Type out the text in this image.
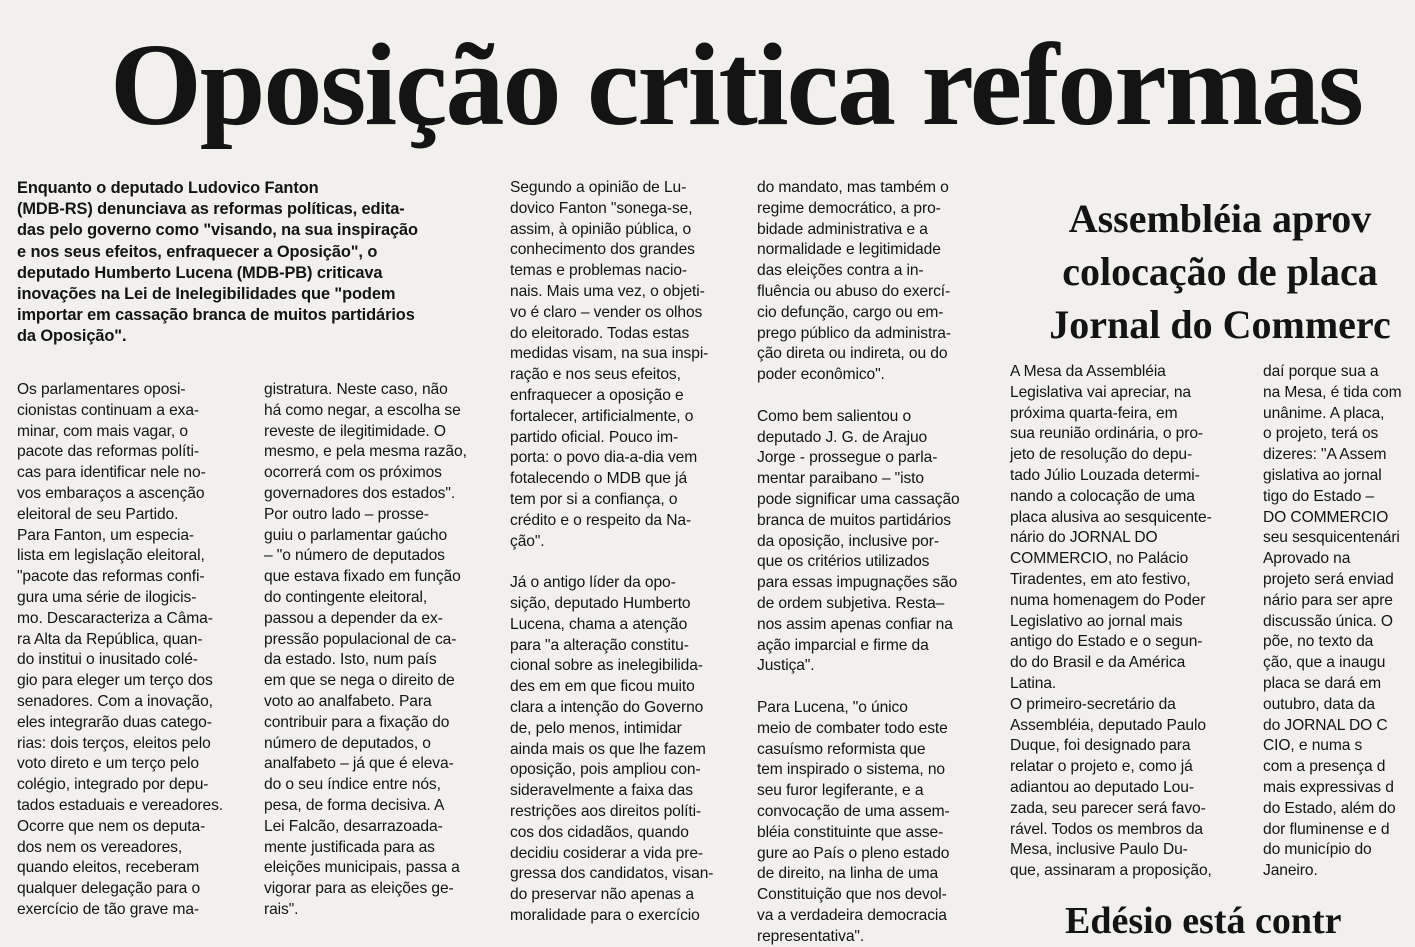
Oposição critica reformas

Enquanto o deputado Ludovico Fanton
(MDB-RS) denunciava as reformas políticas, edita-
das pelo governo como "visando, na sua inspiração
e nos seus efeitos, enfraquecer a Oposição", o
deputado Humberto Lucena (MDB-PB) criticava
inovações na Lei de Inelegibilidades que "podem
importar em cassação branca de muitos partidários
da Oposição".

Os parlamentares oposi-
cionistas continuam a exa-
minar, com mais vagar, o
pacote das reformas políti-
cas para identificar nele no-
vos embaraços a ascenção
eleitoral de seu Partido.
Para Fanton, um especia-
lista em legislação eleitoral,
"pacote das reformas confi-
gura uma série de ilogicis-
mo. Descaracteriza a Câma-
ra Alta da República, quan-
do institui o inusitado colé-
gio para eleger um terço dos
senadores. Com a inovação,
eles integrarão duas catego-
rias: dois terços, eleitos pelo
voto direto e um terço pelo
colégio, integrado por depu-
tados estaduais e vereadores.
Ocorre que nem os deputa-
dos nem os vereadores,
quando eleitos, receberam
qualquer delegação para o
exercício de tão grave ma-

gistratura. Neste caso, não
há como negar, a escolha se
reveste de ilegitimidade. O
mesmo, e pela mesma razão,
ocorrerá com os próximos
governadores dos estados".
Por outro lado – prosse-
guiu o parlamentar gaúcho
– "o número de deputados
que estava fixado em função
do contingente eleitoral,
passou a depender da ex-
pressão populacional de ca-
da estado. Isto, num país
em que se nega o direito de
voto ao analfabeto. Para
contribuir para a fixação do
número de deputados, o
analfabeto – já que é eleva-
do o seu índice entre nós,
pesa, de forma decisiva. A
Lei Falcão, desarrazoada-
mente justificada para as
eleições municipais, passa a
vigorar para as eleições ge-
rais".

Segundo a opinião de Lu-
dovico Fanton "sonega-se,
assim, à opinião pública, o
conhecimento dos grandes
temas e problemas nacio-
nais. Mais uma vez, o objeti-
vo é claro – vender os olhos
do eleitorado. Todas estas
medidas visam, na sua inspi-
ração e nos seus efeitos,
enfraquecer a oposição e
fortalecer, artificialmente, o
partido oficial. Pouco im-
porta: o povo dia-a-dia vem
fotalecendo o MDB que já
tem por si a confiança, o
crédito e o respeito da Na-
ção".

Já o antigo líder da opo-
sição, deputado Humberto
Lucena, chama a atenção
para "a alteração constitu-
cional sobre as inelegibilida-
des em em que ficou muito
clara a intenção do Governo
de, pelo menos, intimidar
ainda mais os que lhe fazem
oposição, pois ampliou con-
sideravelmente a faixa das
restrições aos direitos políti-
cos dos cidadãos, quando
decidiu cosiderar a vida pre-
gressa dos candidatos, visan-
do preservar não apenas a
moralidade para o exercício

do mandato, mas também o
regime democrático, a pro-
bidade administrativa e a
normalidade e legitimidade
das eleições contra a in-
fluência ou abuso do exercí-
cio defunção, cargo ou em-
prego público da administra-
ção direta ou indireta, ou do
poder econômico".

Como bem salientou o
deputado J. G. de Arajuo
Jorge - prossegue o parla-
mentar paraibano – "isto
pode significar uma cassação
branca de muitos partidários
da oposição, inclusive por-
que os critérios utilizados
para essas impugnações são
de ordem subjetiva. Resta–
nos assim apenas confiar na
ação imparcial e firme da
Justiça".

Para Lucena, "o único
meio de combater todo este
casuísmo reformista que
tem inspirado o sistema, no
seu furor legiferante, e a
convocação de uma assem-
bléia constituinte que asse-
gure ao País o pleno estado
de direito, na linha de uma
Constituição que nos devol-
va a verdadeira democracia
representativa".

Assembléia aprov
colocação de placa
Jornal do Commerc

A Mesa da Assembléia
Legislativa vai apreciar, na
próxima quarta-feira, em
sua reunião ordinária, o pro-
jeto de resolução do depu-
tado Júlio Louzada determi-
nando a colocação de uma
placa alusiva ao sesquicente-
nário do JORNAL DO
COMMERCIO, no Palácio
Tiradentes, em ato festivo,
numa homenagem do Poder
Legislativo ao jornal mais
antigo do Estado e o segun-
do do Brasil e da América
Latina.
O primeiro-secretário da
Assembléia, deputado Paulo
Duque, foi designado para
relatar o projeto e, como já
adiantou ao deputado Lou-
zada, seu parecer será favo-
rável. Todos os membros da
Mesa, inclusive Paulo Du-
que, assinaram a proposição,

daí porque sua a
na Mesa, é tida com
unânime. A placa,
o projeto, terá os
dizeres: "A Assem
gislativa ao jornal
tigo do Estado –
DO COMMERCIO
seu sesquicentenári
Aprovado na
projeto será enviad
nário para ser apre
discussão única. O
põe, no texto da
ção, que a inaugu
placa se dará em
outubro, data da
do JORNAL DO C
CIO, e numa s
com a presença d
mais expressivas d
do Estado, além do
dor fluminense e d
do município do
Janeiro.

Edésio está contr
